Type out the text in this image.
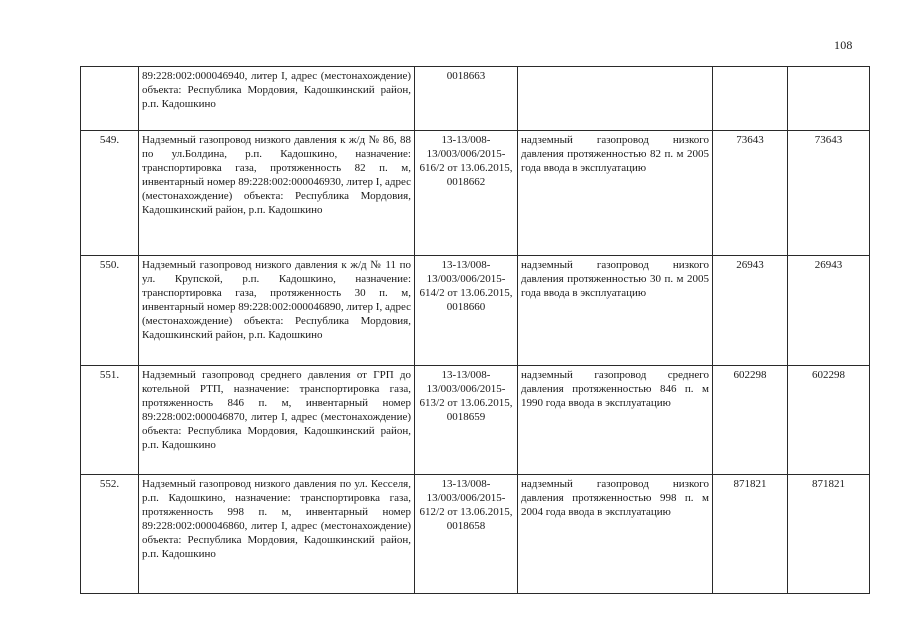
108
	89:228:002:000046940, литер I, адрес (местонахождение) объекта: Республика Мордовия, Кадошкинский район, р.п. Кадошкино	0018663			
549.	Надземный газопровод низкого давления к ж/д № 86, 88 по ул.Болдина, р.п. Кадошкино, назначение: транспортировка газа, протяженность 82 п. м, инвентарный номер 89:228:002:000046930, литер I, адрес (местонахождение) объекта: Республика Мордовия, Кадошкинский район, р.п. Кадошкино	13-13/008-13/003/006/2015-616/2 от 13.06.2015, 0018662	надземный газопровод низкого давления протяженностью 82 п. м 2005 года ввода в эксплуатацию	73643	73643
550.	Надземный газопровод низкого давления к ж/д № 11 по ул. Крупской, р.п. Кадошкино, назначение: транспортировка газа, протяженность 30 п. м, инвентарный номер 89:228:002:000046890, литер I, адрес (местонахождение) объекта: Республика Мордовия, Кадошкинский район, р.п. Кадошкино	13-13/008-13/003/006/2015-614/2 от 13.06.2015, 0018660	надземный газопровод низкого давления протяженностью 30 п. м 2005 года ввода в эксплуатацию	26943	26943
551.	Надземный газопровод среднего давления от ГРП до котельной РТП, назначение: транспортировка газа, протяженность 846 п. м, инвентарный номер 89:228:002:000046870, литер I, адрес (местонахождение) объекта: Республика Мордовия, Кадошкинский район, р.п. Кадошкино	13-13/008-13/003/006/2015-613/2 от 13.06.2015, 0018659	надземный газопровод среднего давления протяженностью 846 п. м 1990 года ввода в эксплуатацию	602298	602298
552.	Надземный газопровод низкого давления по ул. Кесселя, р.п. Кадошкино, назначение: транспортировка газа, протяженность 998 п. м, инвентарный номер 89:228:002:000046860, литер I, адрес (местонахождение) объекта: Республика Мордовия, Кадошкинский район, р.п. Кадошкино	13-13/008-13/003/006/2015-612/2 от 13.06.2015, 0018658	надземный газопровод низкого давления протяженностью 998 п. м 2004 года ввода в эксплуатацию	871821	871821
